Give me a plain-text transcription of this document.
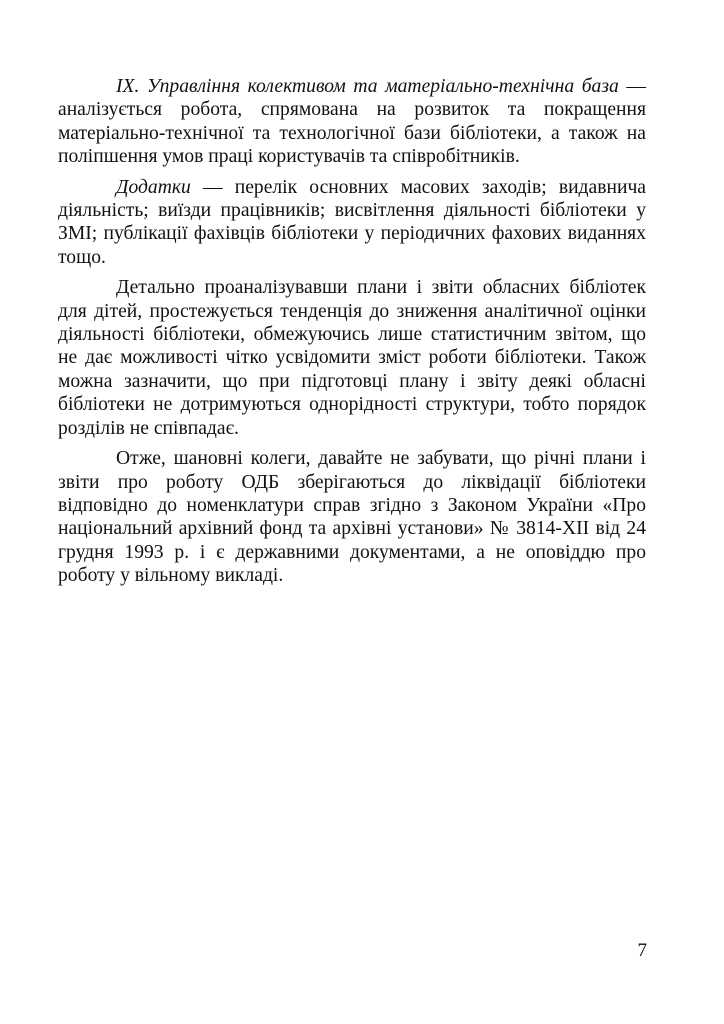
IX. Управління колективом та матеріально-технічна база — аналізується робота, спрямована на розвиток та покращення матеріально-технічної та технологічної бази бібліотеки, а також на поліпшення умов праці користувачів та співробітників.

Додатки — перелік основних масових заходів; видавнича діяльність; виїзди працівників; висвітлення діяльності бібліотеки у ЗМІ; публікації фахівців бібліотеки у періодичних фахових виданнях тощо.

Детально проаналізувавши плани і звіти обласних бібліотек для дітей, простежується тенденція до зниження аналітичної оцінки діяльності бібліотеки, обмежуючись лише статистичним звітом, що не дає можливості чітко усвідомити зміст роботи бібліотеки. Також можна зазначити, що при підготовці плану і звіту деякі обласні бібліотеки не дотримуються однорідності структури, тобто порядок розділів не співпадає.

Отже, шановні колеги, давайте не забувати, що річні плани і звіти про роботу ОДБ зберігаються до ліквідації бібліотеки відповідно до номенклатури справ згідно з Законом України «Про національний архівний фонд та архівні установи» № 3814-ХІІ від 24 грудня 1993 р. і є державними документами, а не оповіддю про роботу у вільному викладі.

7
